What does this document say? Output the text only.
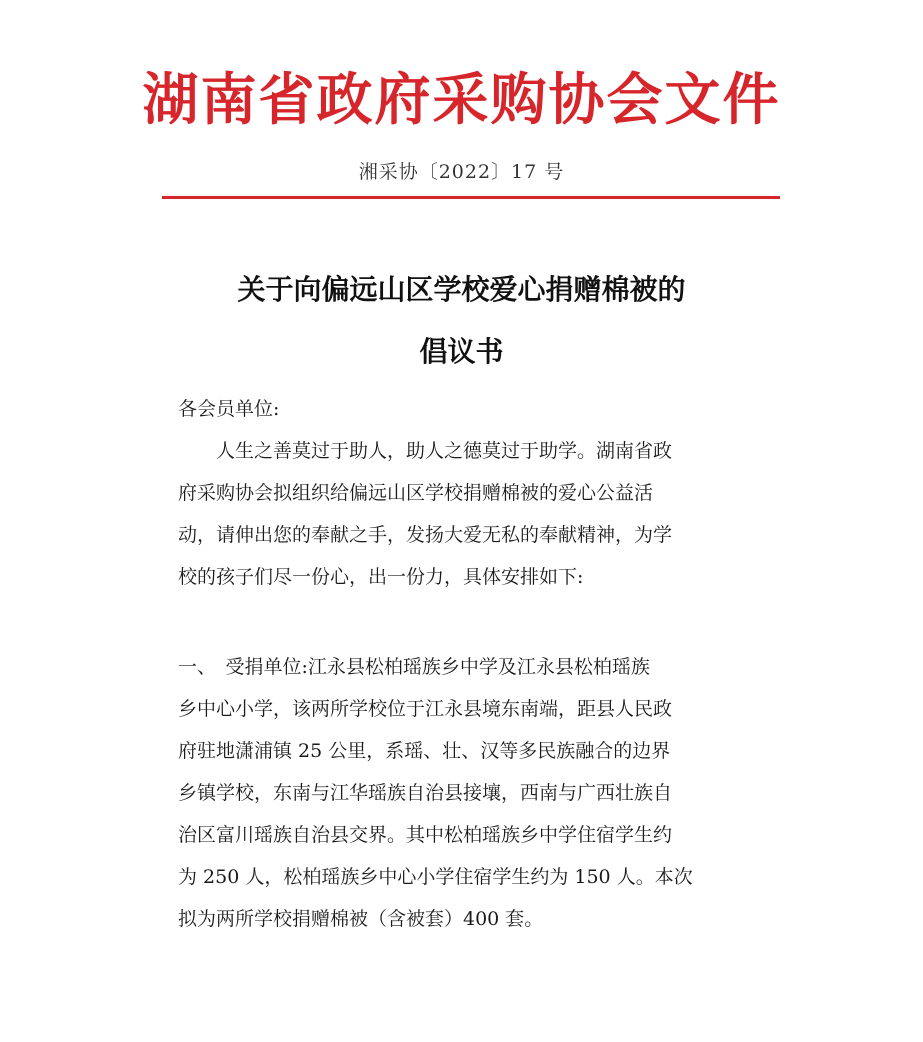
湖南省政府采购协会文件
湘采协〔2022〕17 号
关于向偏远山区学校爱心捐赠棉被的
倡议书
各会员单位:
　　人生之善莫过于助人，助人之德莫过于助学。湖南省政
府采购协会拟组织给偏远山区学校捐赠棉被的爱心公益活
动，请伸出您的奉献之手，发扬大爱无私的奉献精神，为学
校的孩子们尽一份心，出一份力，具体安排如下:
一、　受捐单位:江永县松柏瑶族乡中学及江永县松柏瑶族
乡中心小学，该两所学校位于江永县境东南端，距县人民政
府驻地潇浦镇 25 公里，系瑶、壮、汉等多民族融合的边界
乡镇学校，东南与江华瑶族自治县接壤，西南与广西壮族自
治区富川瑶族自治县交界。其中松柏瑶族乡中学住宿学生约
为 250 人，松柏瑶族乡中心小学住宿学生约为 150 人。本次
拟为两所学校捐赠棉被（含被套）400 套。
